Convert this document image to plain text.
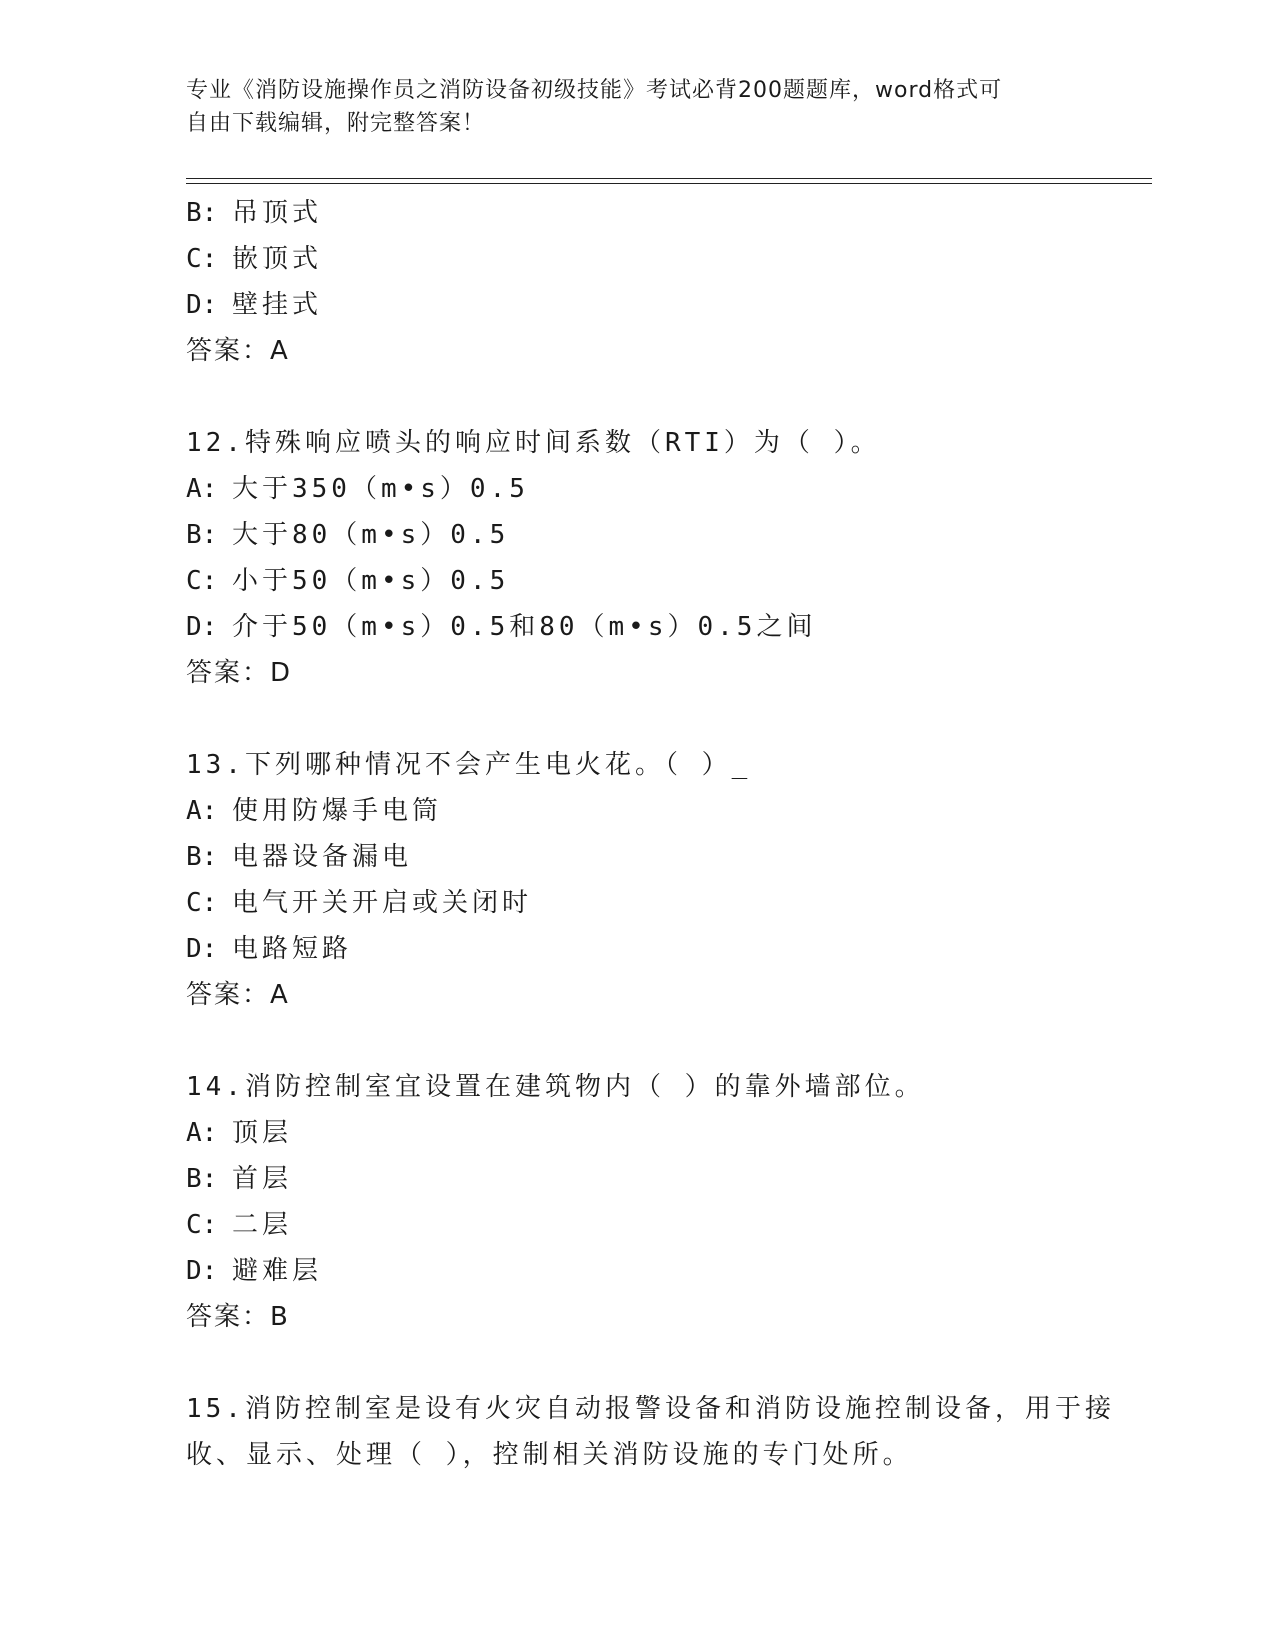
专业《消防设施操作员之消防设备初级技能》考试必背200题题库，word格式可
自由下载编辑，附完整答案！
B: 吊顶式
C: 嵌顶式
D: 壁挂式
答案：A
12.特殊响应喷头的响应时间系数（RTI）为（ ）。
A: 大于350（m•s）0.5
B: 大于80（m•s）0.5
C: 小于50（m•s）0.5
D: 介于50（m•s）0.5和80（m•s）0.5之间
答案：D
13.下列哪种情况不会产生电火花。（ ）_
A: 使用防爆手电筒
B: 电器设备漏电
C: 电气开关开启或关闭时
D: 电路短路
答案：A
14.消防控制室宜设置在建筑物内（ ）的靠外墙部位。
A: 顶层
B: 首层
C: 二层
D: 避难层
答案：B
15.消防控制室是设有火灾自动报警设备和消防设施控制设备，用于接
收、显示、处理（ ），控制相关消防设施的专门处所。
